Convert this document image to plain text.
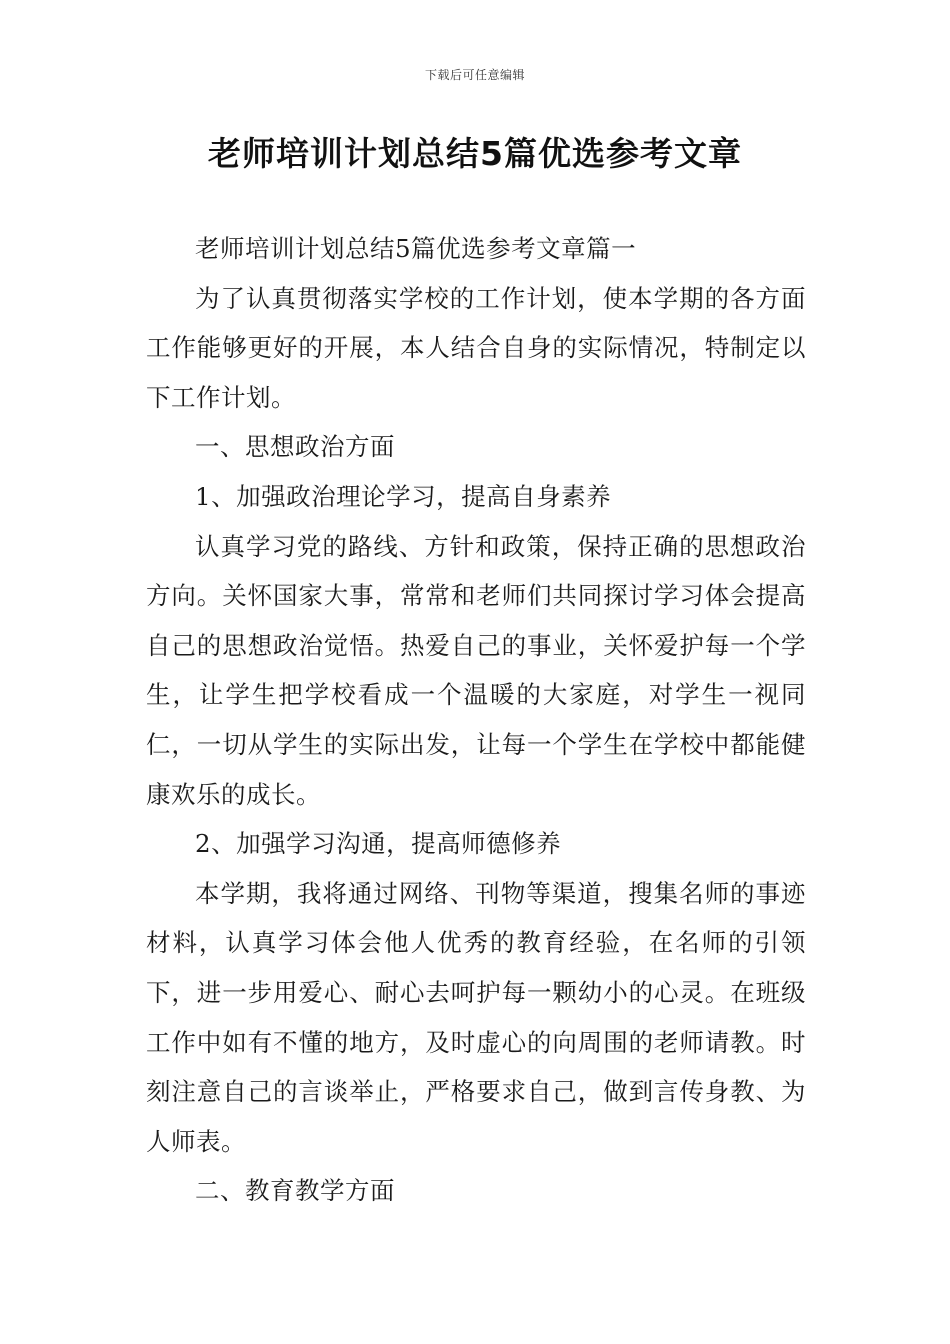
下载后可任意编辑
老师培训计划总结5篇优选参考文章

老师培训计划总结5篇优选参考文章篇一

为了认真贯彻落实学校的工作计划，使本学期的各方面工作能够更好的开展，本人结合自身的实际情况，特制定以下工作计划。

一、思想政治方面

1、加强政治理论学习，提高自身素养

认真学习党的路线、方针和政策，保持正确的思想政治方向。关怀国家大事，常常和老师们共同探讨学习体会提高自己的思想政治觉悟。热爱自己的事业，关怀爱护每一个学生，让学生把学校看成一个温暖的大家庭，对学生一视同仁，一切从学生的实际出发，让每一个学生在学校中都能健康欢乐的成长。

2、加强学习沟通，提高师德修养

本学期，我将通过网络、刊物等渠道，搜集名师的事迹材料，认真学习体会他人优秀的教育经验，在名师的引领下，进一步用爱心、耐心去呵护每一颗幼小的心灵。在班级工作中如有不懂的地方，及时虚心的向周围的老师请教。时刻注意自己的言谈举止，严格要求自己，做到言传身教、为人师表。

二、教育教学方面
